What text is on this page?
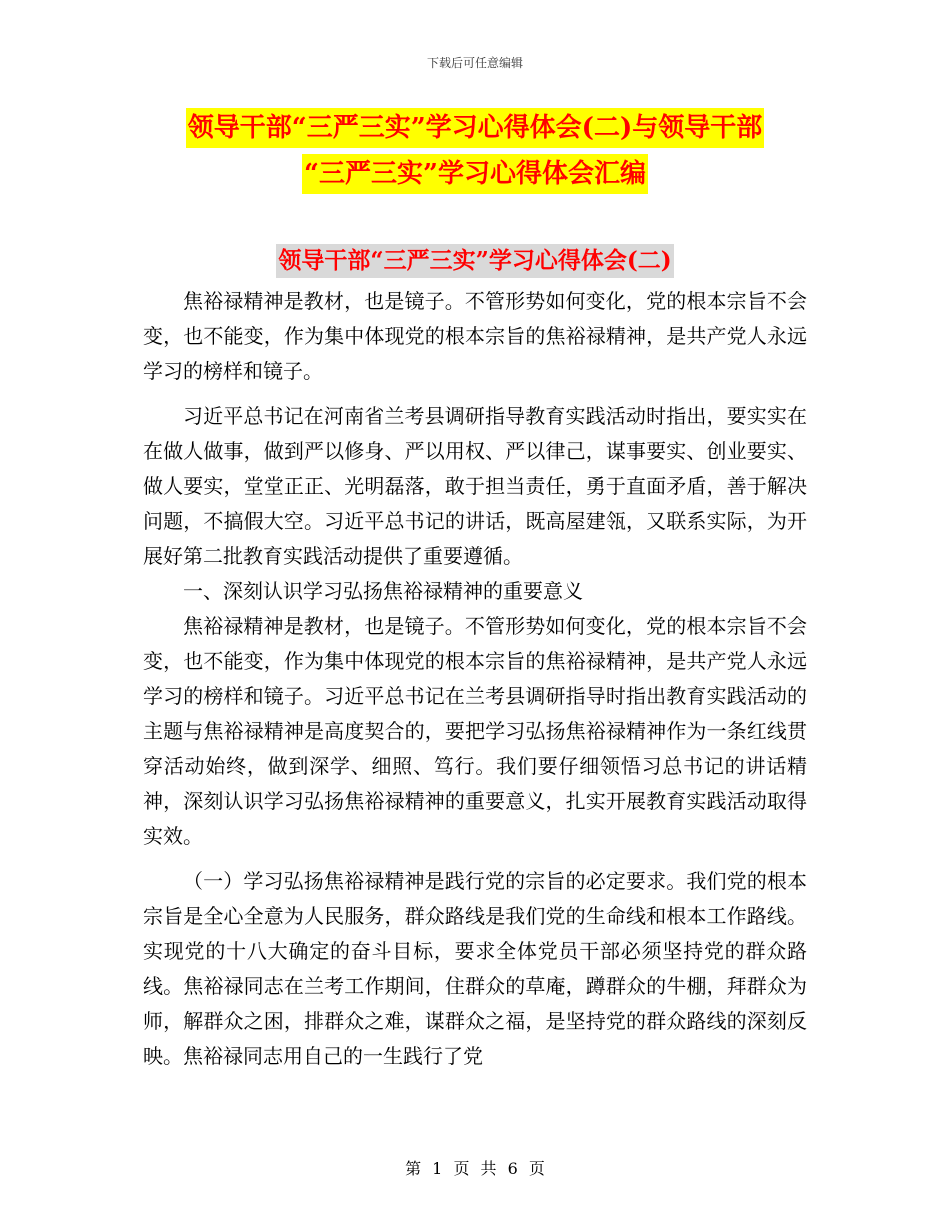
下载后可任意编辑
领导干部“三严三实”学习心得体会(二)与领导干部
“三严三实”学习心得体会汇编
领导干部“三严三实”学习心得体会(二)

焦裕禄精神是教材，也是镜子。不管形势如何变化，党的根本宗旨不会变，也不能变，作为集中体现党的根本宗旨的焦裕禄精神，是共产党人永远学习的榜样和镜子。

习近平总书记在河南省兰考县调研指导教育实践活动时指出，要实实在在做人做事，做到严以修身、严以用权、严以律己，谋事要实、创业要实、做人要实，堂堂正正、光明磊落，敢于担当责任，勇于直面矛盾，善于解决问题，不搞假大空。习近平总书记的讲话，既高屋建瓴，又联系实际，为开展好第二批教育实践活动提供了重要遵循。

一、深刻认识学习弘扬焦裕禄精神的重要意义

焦裕禄精神是教材，也是镜子。不管形势如何变化，党的根本宗旨不会变，也不能变，作为集中体现党的根本宗旨的焦裕禄精神，是共产党人永远学习的榜样和镜子。习近平总书记在兰考县调研指导时指出教育实践活动的主题与焦裕禄精神是高度契合的，要把学习弘扬焦裕禄精神作为一条红线贯穿活动始终，做到深学、细照、笃行。我们要仔细领悟习总书记的讲话精神，深刻认识学习弘扬焦裕禄精神的重要意义，扎实开展教育实践活动取得实效。

（一）学习弘扬焦裕禄精神是践行党的宗旨的必定要求。我们党的根本宗旨是全心全意为人民服务，群众路线是我们党的生命线和根本工作路线。实现党的十八大确定的奋斗目标，要求全体党员干部必须坚持党的群众路线。焦裕禄同志在兰考工作期间，住群众的草庵，蹲群众的牛棚，拜群众为师，解群众之困，排群众之难，谋群众之福，是坚持党的群众路线的深刻反映。焦裕禄同志用自己的一生践行了党

第 1 页 共 6 页
